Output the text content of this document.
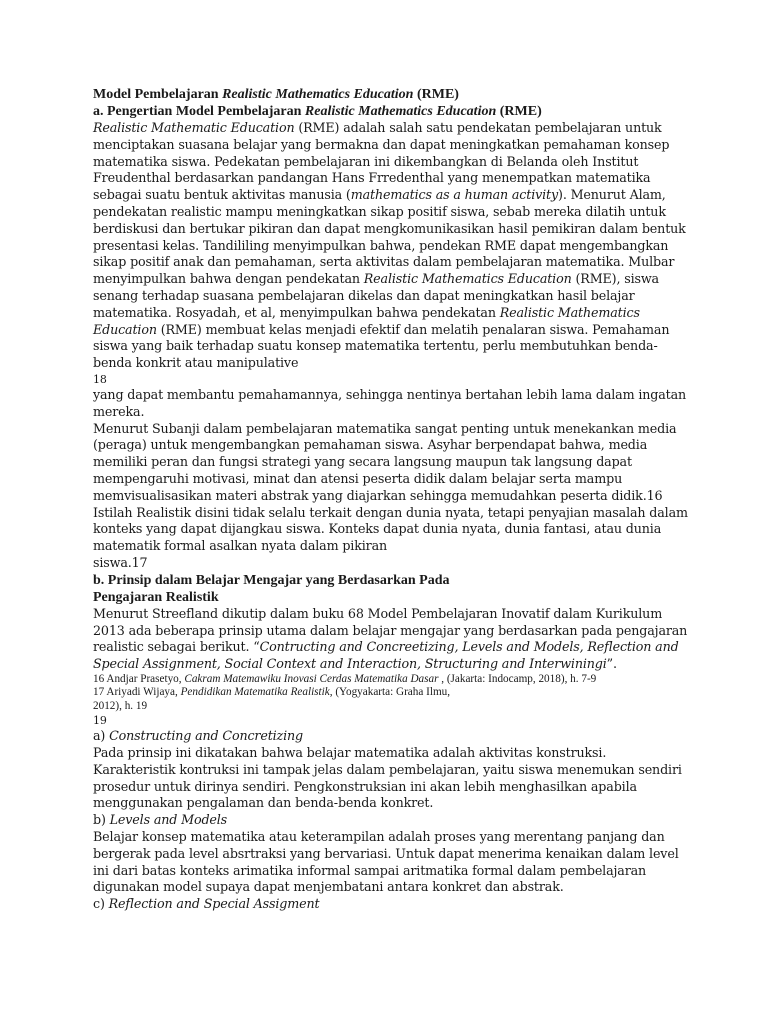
Model Pembelajaran Realistic Mathematics Education (RME)
a. Pengertian Model Pembelajaran Realistic Mathematics Education (RME)
Realistic Mathematic Education (RME) adalah salah satu pendekatan pembelajaran untuk
menciptakan suasana belajar yang bermakna dan dapat meningkatkan pemahaman konsep
matematika siswa. Pedekatan pembelajaran ini dikembangkan di Belanda oleh Institut
Freudenthal berdasarkan pandangan Hans Frredenthal yang menempatkan matematika
sebagai suatu bentuk aktivitas manusia (mathematics as a human activity). Menurut Alam,
pendekatan realistic mampu meningkatkan sikap positif siswa, sebab mereka dilatih untuk
berdiskusi dan bertukar pikiran dan dapat mengkomunikasikan hasil pemikiran dalam bentuk
presentasi kelas. Tandililing menyimpulkan bahwa, pendekan RME dapat mengembangkan
sikap positif anak dan pemahaman, serta aktivitas dalam pembelajaran matematika. Mulbar
menyimpulkan bahwa dengan pendekatan Realistic Mathematics Education (RME), siswa
senang terhadap suasana pembelajaran dikelas dan dapat meningkatkan hasil belajar
matematika. Rosyadah, et al, menyimpulkan bahwa pendekatan Realistic Mathematics
Education (RME) membuat kelas menjadi efektif dan melatih penalaran siswa. Pemahaman
siswa yang baik terhadap suatu konsep matematika tertentu, perlu membutuhkan benda-
benda konkrit atau manipulative
18
yang dapat membantu pemahamannya, sehingga nentinya bertahan lebih lama dalam ingatan
mereka.
Menurut Subanji dalam pembelajaran matematika sangat penting untuk menekankan media
(peraga) untuk mengembangkan pemahaman siswa. Asyhar berpendapat bahwa, media
memiliki peran dan fungsi strategi yang secara langsung maupun tak langsung dapat
mempengaruhi motivasi, minat dan atensi peserta didik dalam belajar serta mampu
memvisualisasikan materi abstrak yang diajarkan sehingga memudahkan peserta didik.16
Istilah Realistik disini tidak selalu terkait dengan dunia nyata, tetapi penyajian masalah dalam
konteks yang dapat dijangkau siswa. Konteks dapat dunia nyata, dunia fantasi, atau dunia
matematik formal asalkan nyata dalam pikiran
siswa.17
b. Prinsip dalam Belajar Mengajar yang Berdasarkan Pada
Pengajaran Realistik
Menurut Streefland dikutip dalam buku 68 Model Pembelajaran Inovatif dalam Kurikulum
2013 ada beberapa prinsip utama dalam belajar mengajar yang berdasarkan pada pengajaran
realistic sebagai berikut. “Contructing and Concreetizing, Levels and Models, Reflection and
Special Assignment, Social Context and Interaction, Structuring and Interwiningi”.
16 Andjar Prasetyo, Cakram Matemawiku Inovasi Cerdas Matematika Dasar , (Jakarta: Indocamp, 2018), h. 7-9
17 Ariyadi Wijaya, Pendidikan Matematika Realistik, (Yogyakarta: Graha Ilmu,
2012), h. 19
19
a) Constructing and Concretizing
Pada prinsip ini dikatakan bahwa belajar matematika adalah aktivitas konstruksi.
Karakteristik kontruksi ini tampak jelas dalam pembelajaran, yaitu siswa menemukan sendiri
prosedur untuk dirinya sendiri. Pengkonstruksian ini akan lebih menghasilkan apabila
menggunakan pengalaman dan benda-benda konkret.
b) Levels and Models
Belajar konsep matematika atau keterampilan adalah proses yang merentang panjang dan
bergerak pada level absrtraksi yang bervariasi. Untuk dapat menerima kenaikan dalam level
ini dari batas konteks arimatika informal sampai aritmatika formal dalam pembelajaran
digunakan model supaya dapat menjembatani antara konkret dan abstrak.
c) Reflection and Special Assigment
